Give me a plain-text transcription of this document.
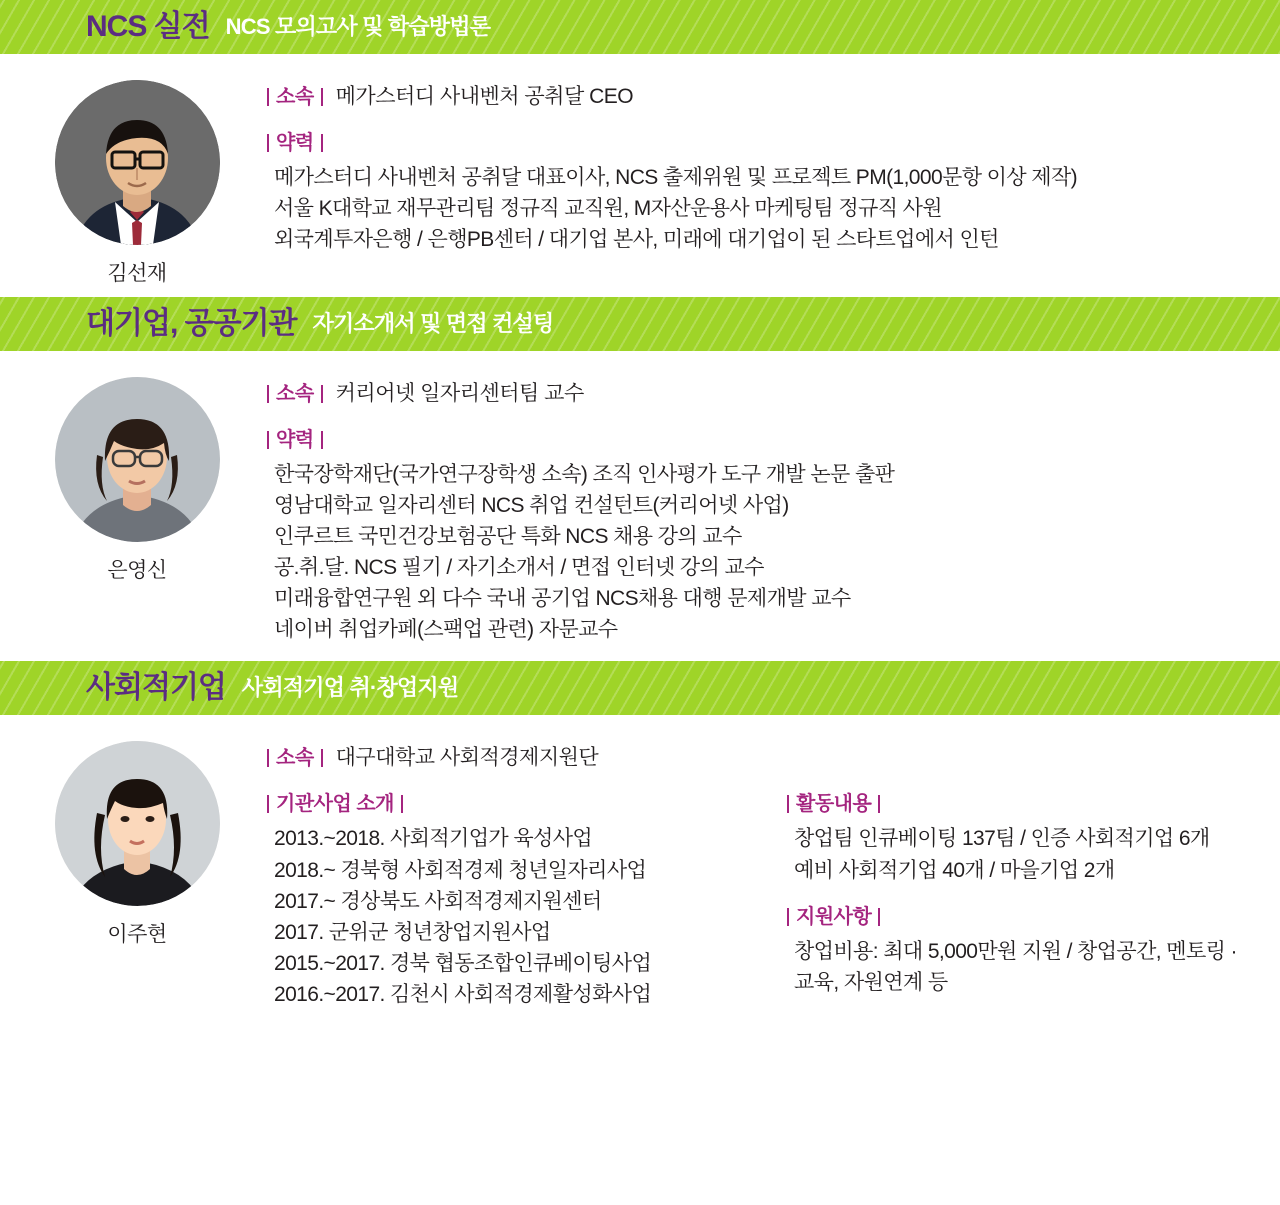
NCS 실전 NCS 모의고사 및 학습방법론
김선재
소속	메가스터디 사내벤처 공취달 CEO
약력
메가스터디 사내벤처 공취달 대표이사, NCS 출제위원 및 프로젝트 PM(1,000문항 이상 제작)
서울 K대학교 재무관리팀 정규직 교직원, M자산운용사 마케팅팀 정규직 사원
외국계투자은행 / 은행PB센터 / 대기업 본사, 미래에 대기업이 된 스타트업에서 인턴
대기업, 공공기관 자기소개서 및 면접 컨설팅
은영신
소속	커리어넷 일자리센터팀 교수
약력
한국장학재단(국가연구장학생 소속) 조직 인사평가 도구 개발 논문 출판
영남대학교 일자리센터 NCS 취업 컨설턴트(커리어넷 사업)
인쿠르트 국민건강보험공단 특화 NCS 채용 강의 교수
공.취.달. NCS 필기 / 자기소개서 / 면접 인터넷 강의 교수
미래융합연구원 외 다수 국내 공기업 NCS채용 대행 문제개발 교수
네이버 취업카페(스팩업 관련) 자문교수
사회적기업 사회적기업 취·창업지원
이주현
소속	대구대학교 사회적경제지원단
기관사업 소개
2013.~2018. 사회적기업가 육성사업
2018.~ 경북형 사회적경제 청년일자리사업
2017.~ 경상북도 사회적경제지원센터
2017. 군위군 청년창업지원사업
2015.~2017. 경북 협동조합인큐베이팅사업
2016.~2017. 김천시 사회적경제활성화사업
활동내용
창업팀 인큐베이팅 137팀 / 인증 사회적기업 6개
예비 사회적기업 40개 / 마을기업 2개
지원사항
창업비용: 최대 5,000만원 지원 / 창업공간, 멘토링 ·
교육, 자원연계 등
